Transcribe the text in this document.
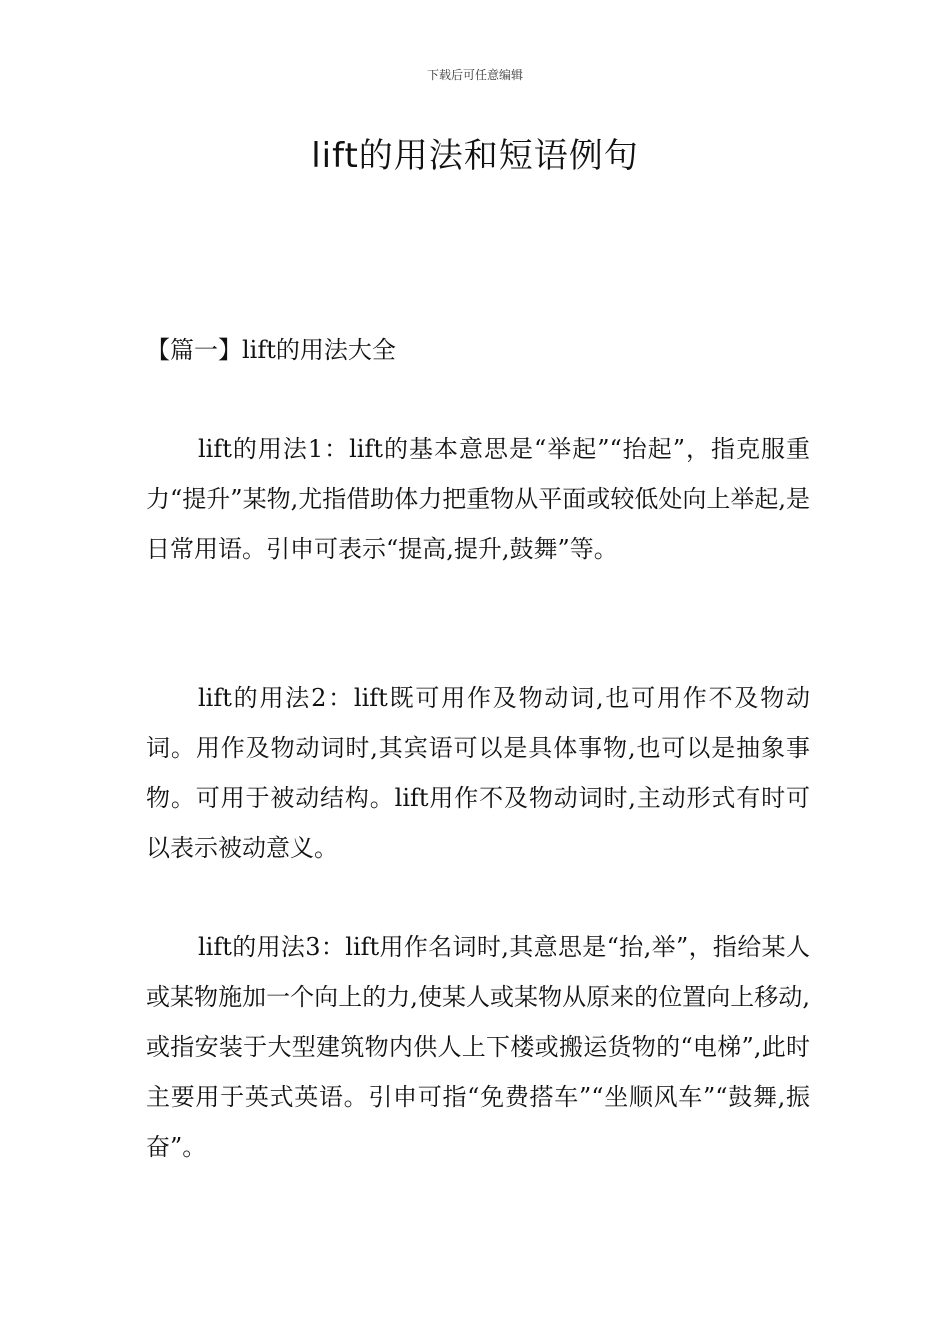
下载后可任意编辑
lift的用法和短语例句
【篇一】lift的用法大全

lift的用法1：lift的基本意思是“举起”“抬起”，指克服重力“提升”某物,尤指借助体力把重物从平面或较低处向上举起,是日常用语。引申可表示“提高,提升,鼓舞”等。

lift的用法2：lift既可用作及物动词,也可用作不及物动词。用作及物动词时,其宾语可以是具体事物,也可以是抽象事物。可用于被动结构。lift用作不及物动词时,主动形式有时可以表示被动意义。

lift的用法3：lift用作名词时,其意思是“抬,举”，指给某人或某物施加一个向上的力,使某人或某物从原来的位置向上移动,或指安装于大型建筑物内供人上下楼或搬运货物的“电梯”,此时主要用于英式英语。引申可指“免费搭车”“坐顺风车”“鼓舞,振奋”。
